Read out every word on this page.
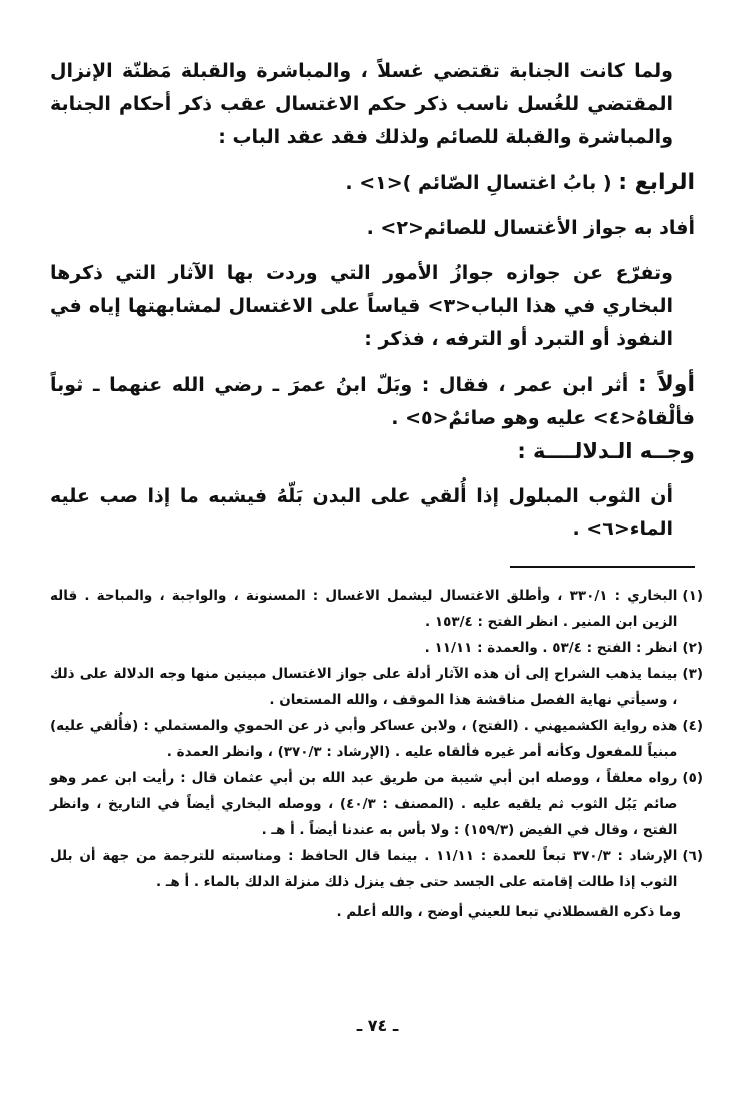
ولما كانت الجنابة تقتضي غسلاً ، والمباشرة والقبلة مَظنّة الإنزال المقتضي للغُسل ناسب ذكر حكم الاغتسال عقب ذكر أحكام الجنابة والمباشرة والقبلة للصائم ولذلك فقد عقد الباب :

الرابع : ( بابُ اغتسالِ الصّائم )<١> .

أفاد به جواز الأغتسال للصائم<٢> .

وتفرّع عن جوازه جوازُ الأمور التي وردت بها الآثار التي ذكرها البخاري في هذا الباب<٣> قياساً على الاغتسال لمشابهتها إياه في النفوذ أو التبرد أو الترفه ، فذكر :

أولاً : أثر ابن عمر ، فقال : وبَلّ ابنُ عمرَ ـ رضي الله عنهما ـ ثوباً فألْقاهُ<٤> عليه وهو صائمٌ<٥> .

وجــه الـدلالــــة :

أن الثوب المبلول إذا أُلقي على البدن بَلّهُ فيشبه ما إذا صب عليه الماء<٦> .

(١)
البخاري : ٣٣٠/١ ، وأطلق الاغتسال ليشمل الاغسال : المسنونة ، والواجبة ، والمباحة . قاله الزين ابن المنير . انظر الفتح : ١٥٣/٤ .

(٢)
انظر : الفتح : ٥٣/٤ . والعمدة : ١١/١١ .

(٣)
بينما يذهب الشراح إلى أن هذه الآثار أدلة على جواز الاغتسال مبينين منها وجه الدلالة على ذلك ، وسيأتي نهاية الفصل مناقشة هذا الموقف ، والله المستعان .

(٤)
هذه رواية الكشميهني . (الفتح) ، ولابن عساكر وأبي ذر عن الحموي والمستملي : (فأُلقي عليه) مبنياً للمفعول وكأنه أمر غيره فألقاه عليه . (الإرشاد : ٣٧٠/٣) ، وانظر العمدة .

(٥)
رواه معلقاً ، ووصله ابن أبي شيبة من طريق عبد الله بن أبي عثمان قال : رأيت ابن عمر وهو صائم يَبُل الثوب ثم يلقيه عليه . (المصنف : ٤٠/٣) ، ووصله البخاري أيضاً في التاريخ ، وانظر الفتح ، وقال في الفيض (١٥٩/٣) : ولا بأس به عندنا أيضاً . أ هـ .

(٦)
الإرشاد : ٣٧٠/٣ تبعاً للعمدة : ١١/١١ . بينما قال الحافظ : ومناسبته للترجمة من جهة أن بلل الثوب إذا طالت إقامته على الجسد حتى جف ينزل ذلك منزلة الدلك بالماء . أ هـ .

وما ذكره القسطلاني تبعا للعيني أوضح ، والله أعلم .

ـ ٧٤ ـ
